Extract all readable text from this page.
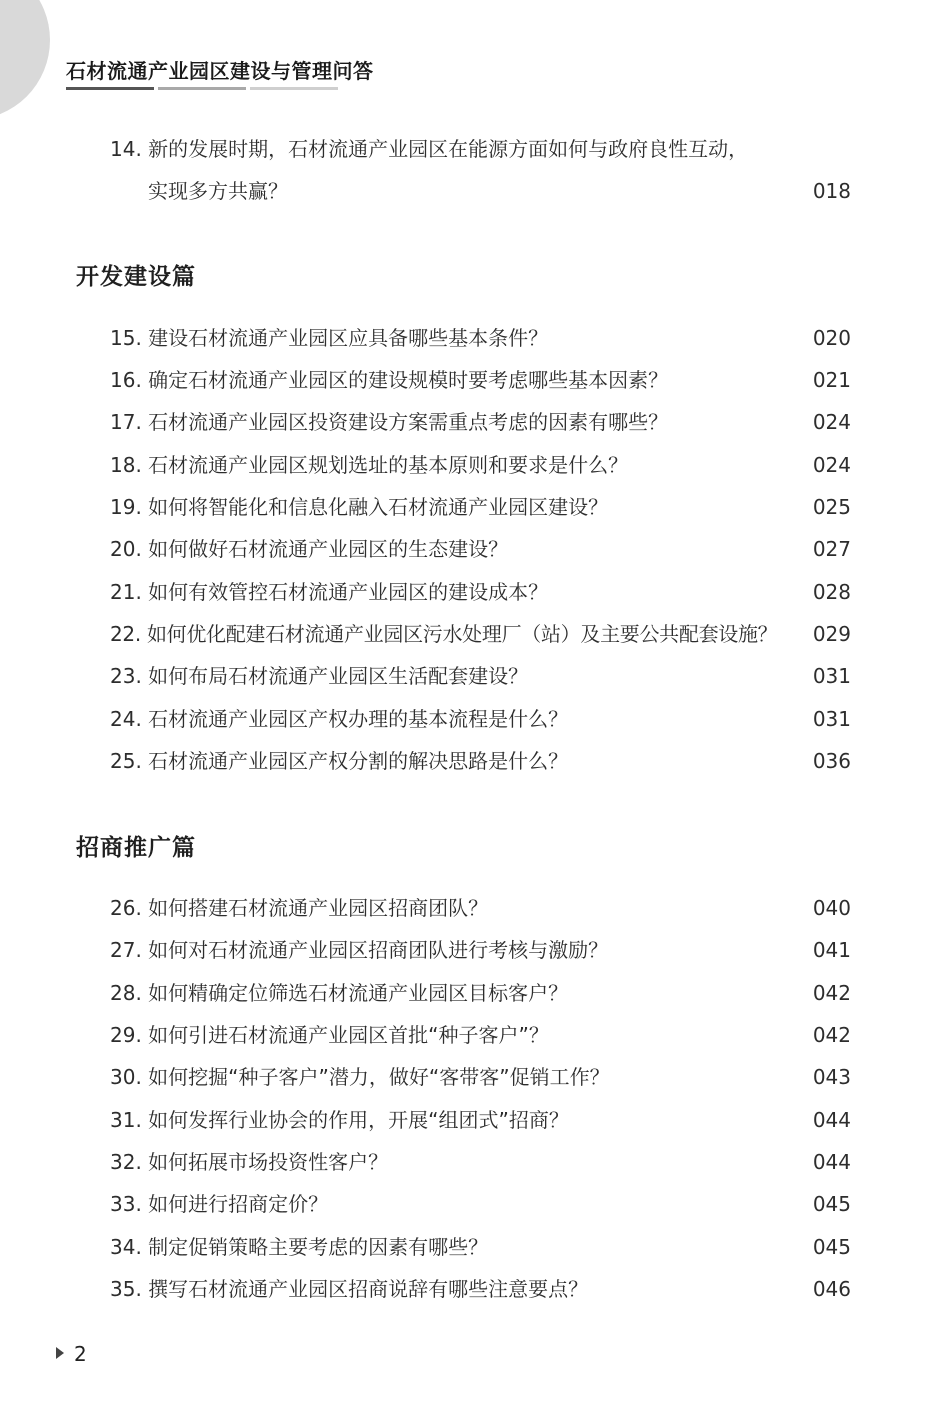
石材流通产业园区建设与管理问答
14. 新的发展时期，石材流通产业园区在能源方面如何与政府良性互动，
实现多方共赢？	018
开发建设篇
15. 建设石材流通产业园区应具备哪些基本条件？	020
16. 确定石材流通产业园区的建设规模时要考虑哪些基本因素？	021
17. 石材流通产业园区投资建设方案需重点考虑的因素有哪些？	024
18. 石材流通产业园区规划选址的基本原则和要求是什么？	024
19. 如何将智能化和信息化融入石材流通产业园区建设？	025
20. 如何做好石材流通产业园区的生态建设？	027
21. 如何有效管控石材流通产业园区的建设成本？	028
22. 如何优化配建石材流通产业园区污水处理厂（站）及主要公共配套设施？ 029
23. 如何布局石材流通产业园区生活配套建设？	031
24. 石材流通产业园区产权办理的基本流程是什么？	031
25. 石材流通产业园区产权分割的解决思路是什么？	036
招商推广篇
26. 如何搭建石材流通产业园区招商团队？	040
27. 如何对石材流通产业园区招商团队进行考核与激励？	041
28. 如何精确定位筛选石材流通产业园区目标客户？	042
29. 如何引进石材流通产业园区首批“种子客户”？	042
30. 如何挖掘“种子客户”潜力，做好“客带客”促销工作？	043
31. 如何发挥行业协会的作用，开展“组团式”招商？	044
32. 如何拓展市场投资性客户？	044
33. 如何进行招商定价？	045
34. 制定促销策略主要考虑的因素有哪些？	045
35. 撰写石材流通产业园区招商说辞有哪些注意要点？	046
2
